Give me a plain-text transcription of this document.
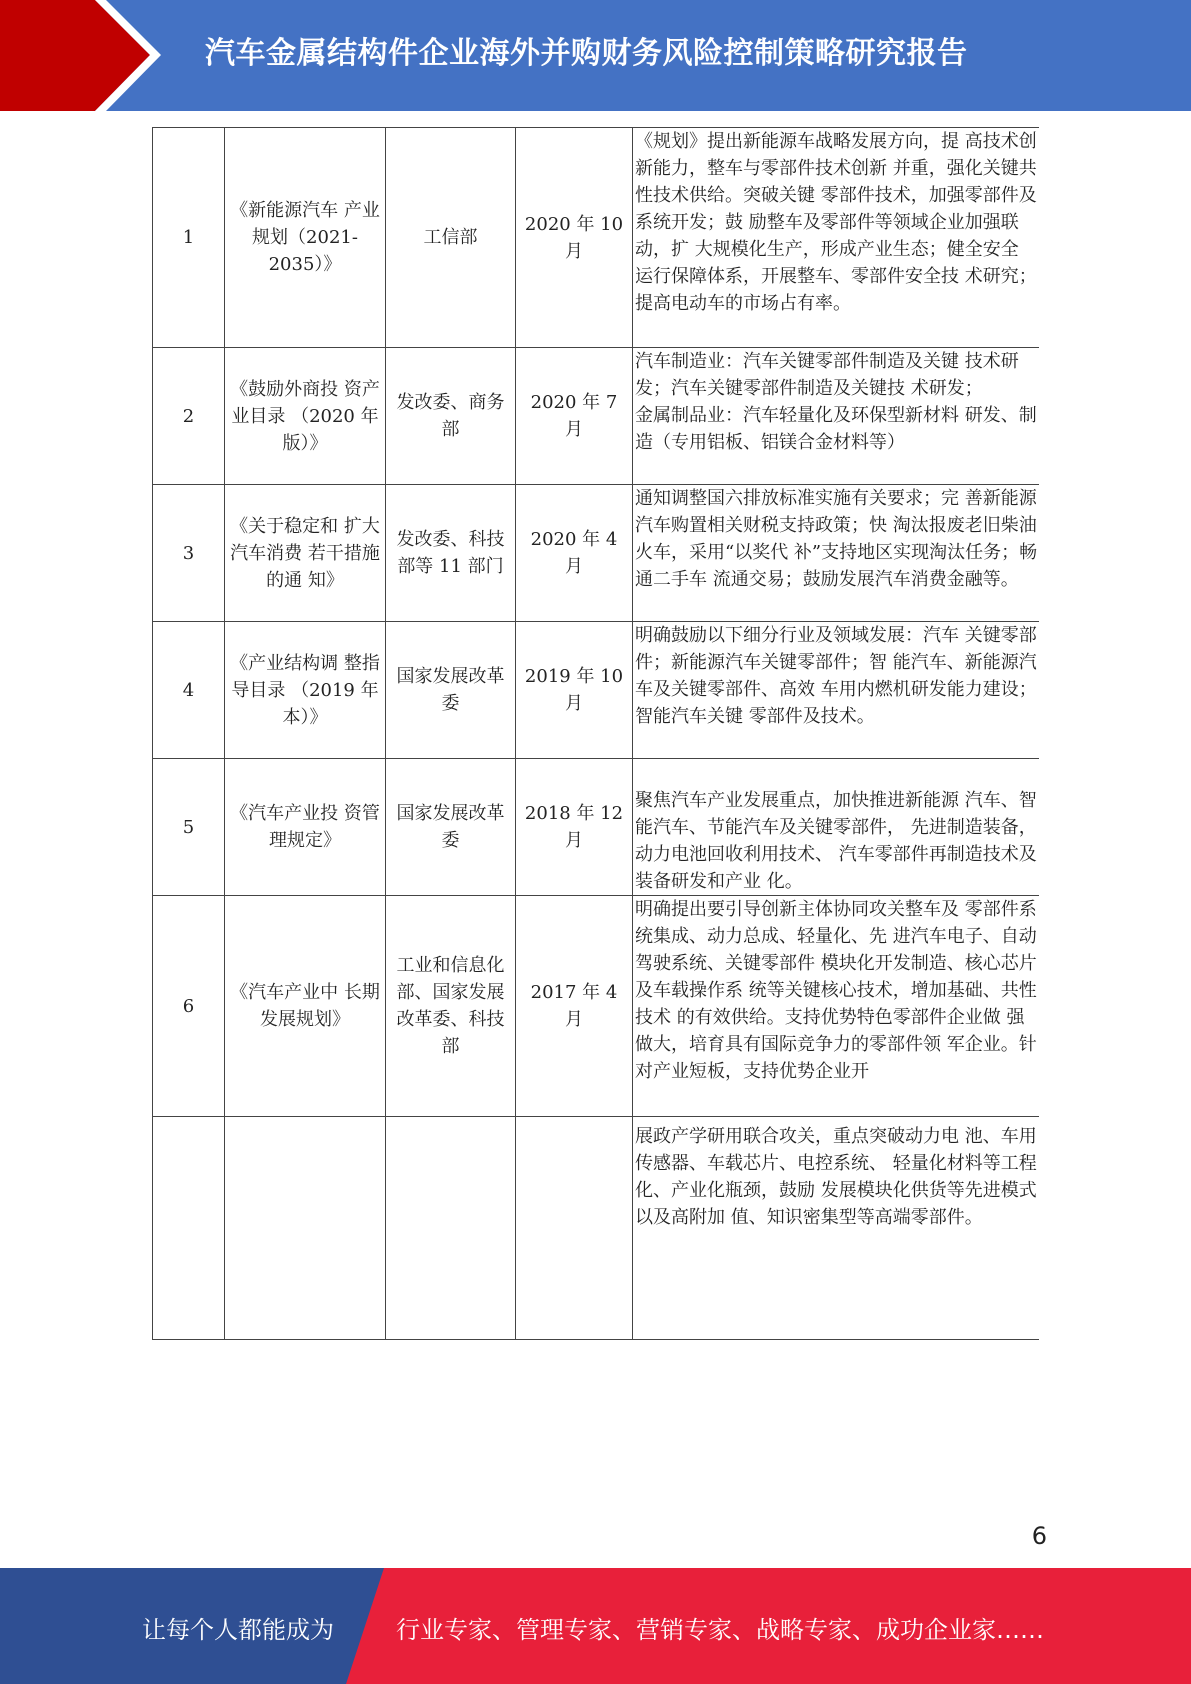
汽车金属结构件企业海外并购财务风险控制策略研究报告
1	《新能源汽车 产业规划（2021-2035）》	工信部	2020 年 10 月	《规划》提出新能源车战略发展方向，提 高技术创新能力，整车与零部件技术创新 并重，强化关键共性技术供给。突破关键 零部件技术，加强零部件及系统开发；鼓 励整车及零部件等领域企业加强联动，扩 大规模化生产，形成产业生态；健全安全 运行保障体系，开展整车、零部件安全技 术研究；提高电动车的市场占有率。
2	《鼓励外商投 资产业目录 （2020 年版）》	发改委、商务部	2020 年 7 月	汽车制造业：汽车关键零部件制造及关键 技术研发；汽车关键零部件制造及关键技 术研发；
金属制品业：汽车轻量化及环保型新材料 研发、制造（专用铝板、铝镁合金材料等）

3	《关于稳定和 扩大汽车消费 若干措施的通 知》	发改委、科技部等 11 部门	2020 年 4 月	通知调整国六排放标准实施有关要求；完 善新能源汽车购置相关财税支持政策；快 淘汰报废老旧柴油火车，采用“以奖代 补”支持地区实现淘汰任务；畅通二手车 流通交易；鼓励发展汽车消费金融等。
4	《产业结构调 整指导目录 （2019 年本）》	国家发展改革委	2019 年 10 月	明确鼓励以下细分行业及领域发展：汽车 关键零部件；新能源汽车关键零部件；智 能汽车、新能源汽车及关键零部件、高效 车用内燃机研发能力建设；智能汽车关键 零部件及技术。
5	《汽车产业投 资管理规定》	国家发展改革委	2018 年 12 月	聚焦汽车产业发展重点，加快推进新能源 汽车、智能汽车、节能汽车及关键零部件， 先进制造装备，动力电池回收利用技术、 汽车零部件再制造技术及装备研发和产业 化。
6	《汽车产业中 长期发展规划》	工业和信息化部、国家发展改革委、科技部	2017 年 4 月	明确提出要引导创新主体协同攻关整车及 零部件系统集成、动力总成、轻量化、先 进汽车电子、自动驾驶系统、关键零部件 模块化开发制造、核心芯片及车载操作系 统等关键核心技术，增加基础、共性技术 的有效供给。支持优势特色零部件企业做 强做大，培育具有国际竞争力的零部件领 军企业。针对产业短板，支持优势企业开
				展政产学研用联合攻关，重点突破动力电 池、车用传感器、车载芯片、电控系统、 轻量化材料等工程化、产业化瓶颈，鼓励 发展模块化供货等先进模式以及高附加 值、知识密集型等高端零部件。
6
让每个人都能成为	行业专家、管理专家、营销专家、战略专家、成功企业家……
